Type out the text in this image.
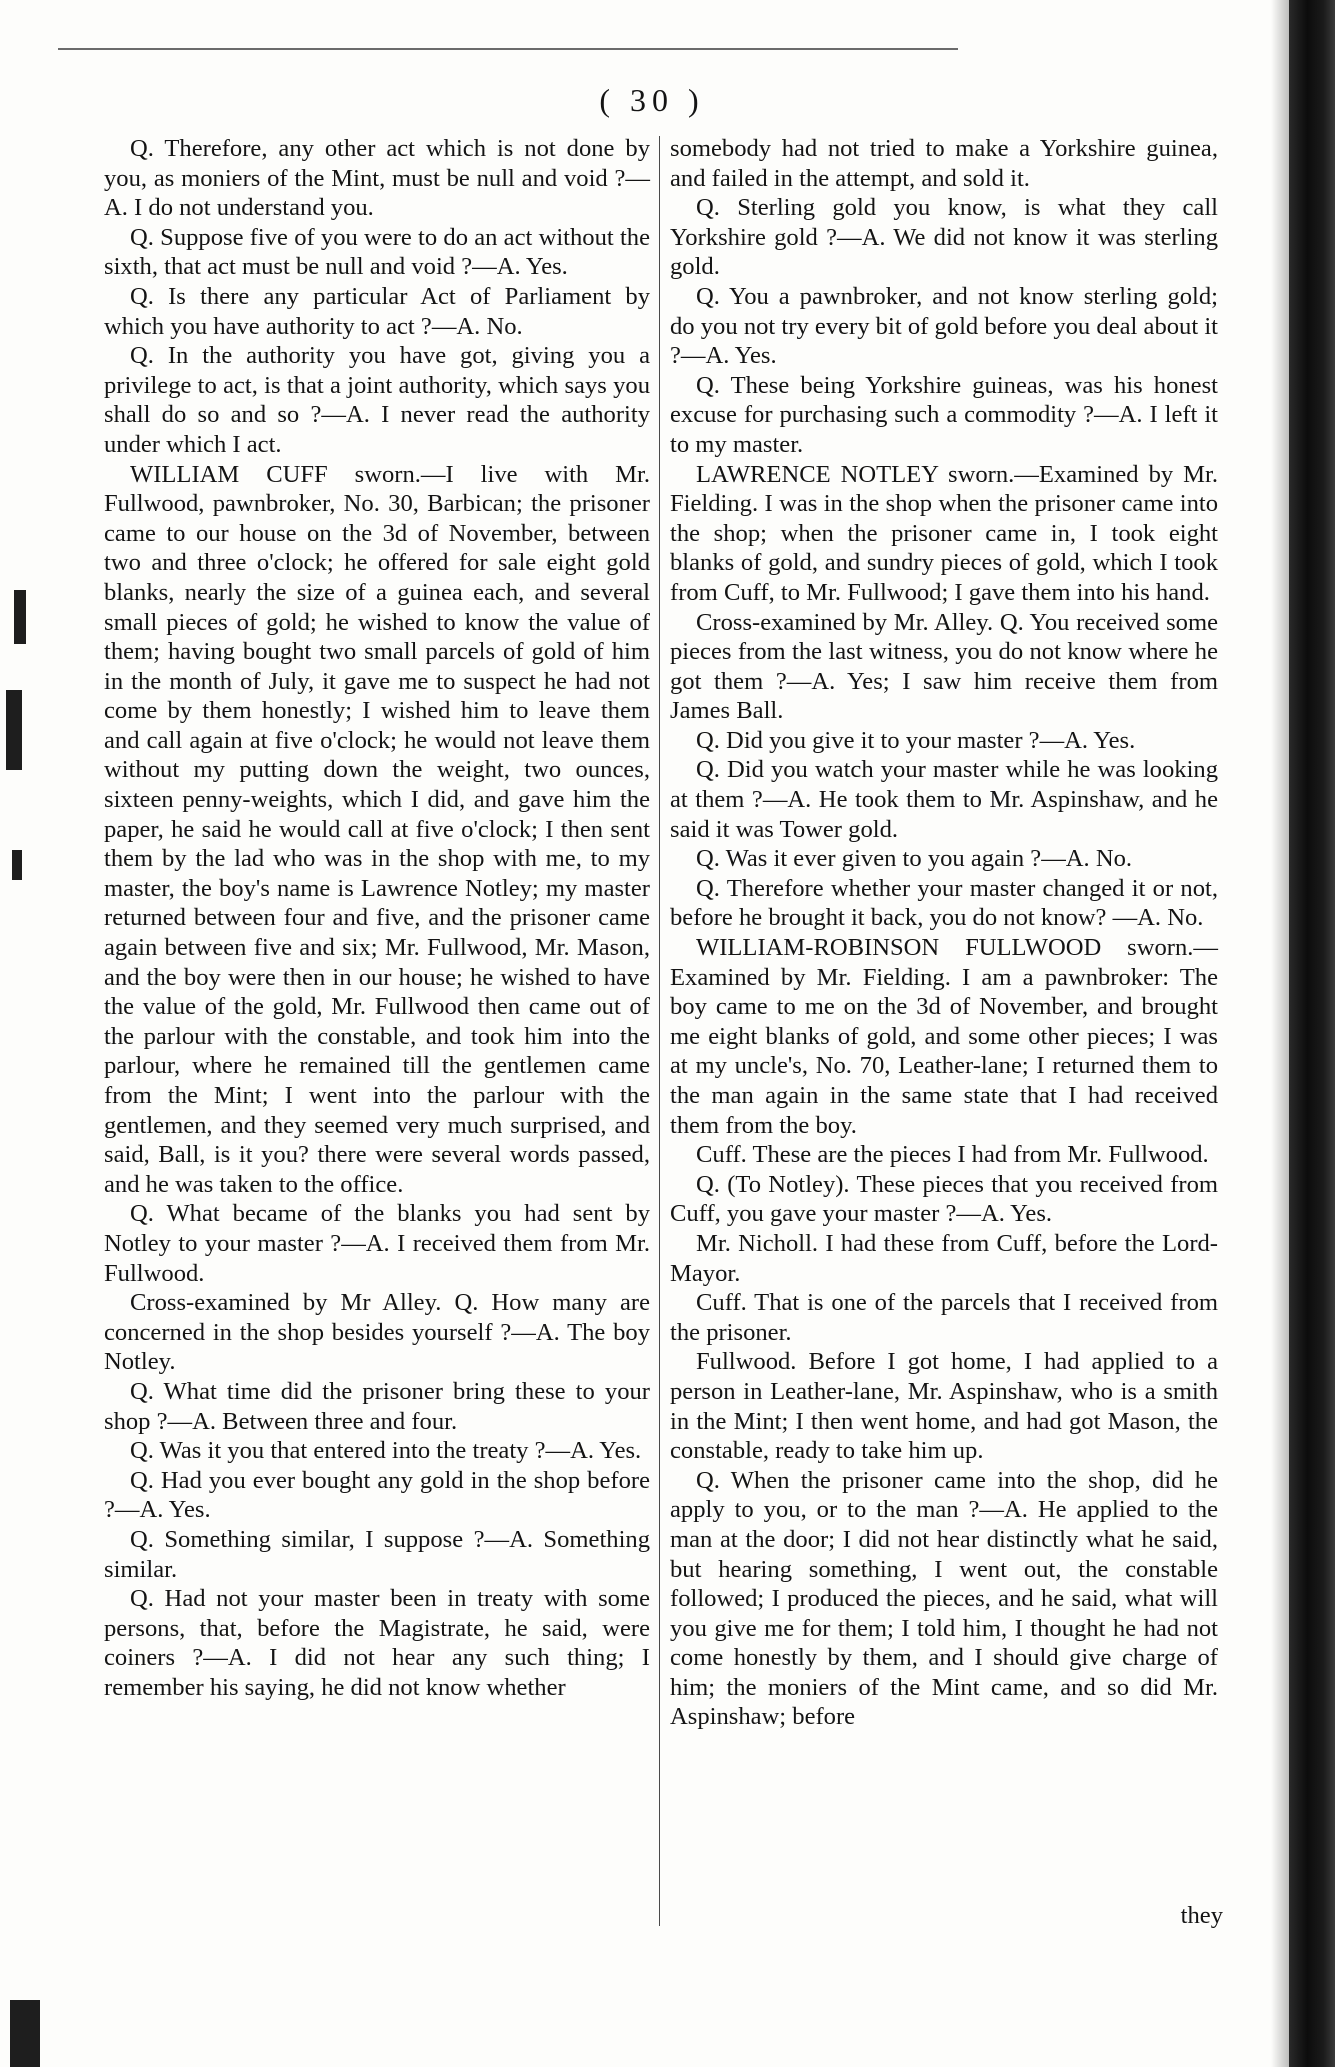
( 30 )

Q. Therefore, any other act which is not done by you, as moniers of the Mint, must be null and void ?—A. I do not understand you.

Q. Suppose five of you were to do an act without the sixth, that act must be null and void ?—A. Yes.

Q. Is there any particular Act of Parliament by which you have authority to act ?—A. No.

Q. In the authority you have got, giving you a privilege to act, is that a joint authority, which says you shall do so and so ?—A. I never read the authority under which I act.

WILLIAM CUFF sworn.—I live with Mr. Fullwood, pawnbroker, No. 30, Barbican; the prisoner came to our house on the 3d of November, between two and three o'clock; he offered for sale eight gold blanks, nearly the size of a guinea each, and several small pieces of gold; he wished to know the value of them; having bought two small parcels of gold of him in the month of July, it gave me to suspect he had not come by them honestly; I wished him to leave them and call again at five o'clock; he would not leave them without my putting down the weight, two ounces, sixteen penny-weights, which I did, and gave him the paper, he said he would call at five o'clock; I then sent them by the lad who was in the shop with me, to my master, the boy's name is Lawrence Notley; my master returned between four and five, and the prisoner came again between five and six; Mr. Fullwood, Mr. Mason, and the boy were then in our house; he wished to have the value of the gold, Mr. Fullwood then came out of the parlour with the constable, and took him into the parlour, where he remained till the gentlemen came from the Mint; I went into the parlour with the gentlemen, and they seemed very much surprised, and said, Ball, is it you? there were several words passed, and he was taken to the office.

Q. What became of the blanks you had sent by Notley to your master ?—A. I received them from Mr. Fullwood.

Cross-examined by Mr Alley. Q. How many are concerned in the shop besides yourself ?—A. The boy Notley.

Q. What time did the prisoner bring these to your shop ?—A. Between three and four.

Q. Was it you that entered into the treaty ?—A. Yes.

Q. Had you ever bought any gold in the shop before ?—A. Yes.

Q. Something similar, I suppose ?—A. Something similar.

Q. Had not your master been in treaty with some persons, that, before the Magistrate, he said, were coiners ?—A. I did not hear any such thing; I remember his saying, he did not know whether

somebody had not tried to make a Yorkshire guinea, and failed in the attempt, and sold it.

Q. Sterling gold you know, is what they call Yorkshire gold ?—A. We did not know it was sterling gold.

Q. You a pawnbroker, and not know sterling gold; do you not try every bit of gold before you deal about it ?—A. Yes.

Q. These being Yorkshire guineas, was his honest excuse for purchasing such a commodity ?—A. I left it to my master.

LAWRENCE NOTLEY sworn.—Examined by Mr. Fielding. I was in the shop when the prisoner came into the shop; when the prisoner came in, I took eight blanks of gold, and sundry pieces of gold, which I took from Cuff, to Mr. Fullwood; I gave them into his hand.

Cross-examined by Mr. Alley. Q. You received some pieces from the last witness, you do not know where he got them ?—A. Yes; I saw him receive them from James Ball.

Q. Did you give it to your master ?—A. Yes.

Q. Did you watch your master while he was looking at them ?—A. He took them to Mr. Aspinshaw, and he said it was Tower gold.

Q. Was it ever given to you again ?—A. No.

Q. Therefore whether your master changed it or not, before he brought it back, you do not know? —A. No.

WILLIAM-ROBINSON FULLWOOD sworn.—Examined by Mr. Fielding. I am a pawnbroker: The boy came to me on the 3d of November, and brought me eight blanks of gold, and some other pieces; I was at my uncle's, No. 70, Leather-lane; I returned them to the man again in the same state that I had received them from the boy.

Cuff. These are the pieces I had from Mr. Fullwood.

Q. (To Notley). These pieces that you received from Cuff, you gave your master ?—A. Yes.

Mr. Nicholl. I had these from Cuff, before the Lord-Mayor.

Cuff. That is one of the parcels that I received from the prisoner.

Fullwood. Before I got home, I had applied to a person in Leather-lane, Mr. Aspinshaw, who is a smith in the Mint; I then went home, and had got Mason, the constable, ready to take him up.

Q. When the prisoner came into the shop, did he apply to you, or to the man ?—A. He applied to the man at the door; I did not hear distinctly what he said, but hearing something, I went out, the constable followed; I produced the pieces, and he said, what will you give me for them; I told him, I thought he had not come honestly by them, and I should give charge of him; the moniers of the Mint came, and so did Mr. Aspinshaw; before

they
